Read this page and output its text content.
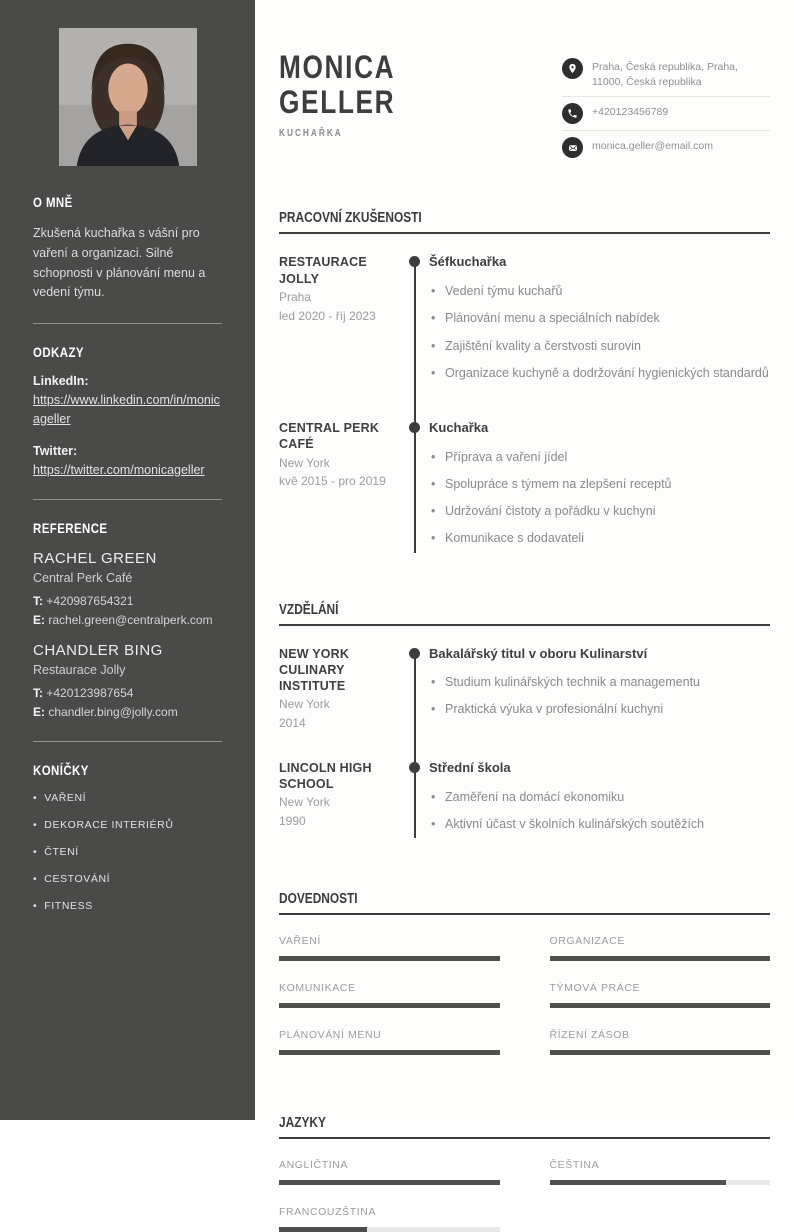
O MNĚ

Zkušená kuchařka s vášní pro vaření a organizaci. Silné schopnosti v plánování menu a vedení týmu.

ODKAZY
LinkedIn:
https://www.linkedin.com/in/monicageller
Twitter:
https://twitter.com/monicageller
REFERENCE
RACHEL GREEN
Central Perk Café
T: +420987654321
E: rachel.green@centralperk.com
CHANDLER BING
Restaurace Jolly
T: +420123987654
E: chandler.bing@jolly.com
KONÍČKY
• VAŘENÍ
• DEKORACE INTERIÉRŮ
• ČTENÍ
• CESTOVÁNÍ
• FITNESS
MONICA
GELLER
KUCHAŘKA
Praha, Česká republika, Praha, 11000, Česká republika
+420123456789
monica.geller@email.com
PRACOVNÍ ZKUŠENOSTI
RESTAURACE JOLLY
Praha
led 2020 - říj 2023
Šéfkuchařka
• Vedení týmu kuchařů
• Plánování menu a speciálních nabídek
• Zajištění kvality a čerstvosti surovin
• Organizace kuchyně a dodržování hygienických standardů
CENTRAL PERK CAFÉ
New York
kvě 2015 - pro 2019
Kuchařka
• Příprava a vaření jídel
• Spolupráce s týmem na zlepšení receptů
• Udržování čistoty a pořádku v kuchyni
• Komunikace s dodavateli
VZDĚLÁNÍ
NEW YORK CULINARY INSTITUTE
New York
2014
Bakalářský titul v oboru Kulinarství
• Studium kulinářských technik a managementu
• Praktická výuka v profesionální kuchyni
LINCOLN HIGH SCHOOL
New York
1990
Střední škola
• Zaměření na domácí ekonomiku
• Aktivní účast v školních kulinářských soutěžích
DOVEDNOSTI
VAŘENÍ	ORGANIZACE
KOMUNIKACE	TÝMOVÁ PRÁCE
PLÁNOVÁNÍ MENU	ŘÍZENÍ ZÁSOB
JAZYKY
ANGLIČTINA	ČEŠTINA
FRANCOUZŠTINA
